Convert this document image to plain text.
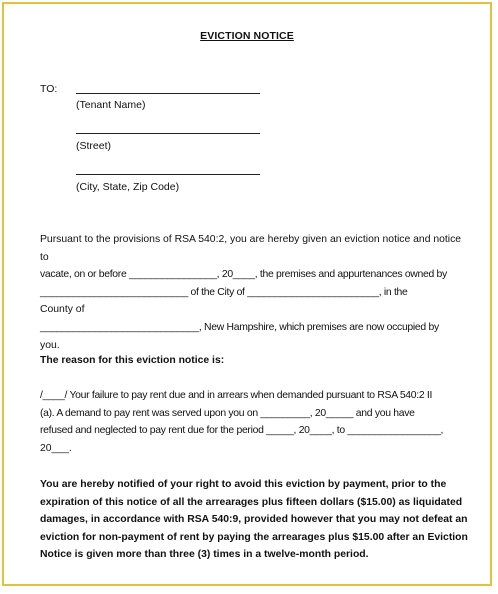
EVICTION NOTICE
TO:
(Tenant Name)
(Street)
(City, State, Zip Code)
Pursuant to the provisions of RSA 540:2, you are hereby given an eviction notice and notice to
vacate, on or before ________________, 20____, the premises and appurtenances owned by
___________________________ of the City of ________________________, in the
County of
_____________________________, New Hampshire, which premises are now occupied by
you.
The reason for this eviction notice is:
/____/ Your failure to pay rent due and in arrears when demanded pursuant to RSA 540:2 II
(a). A demand to pay rent was served upon you on _________, 20_____ and you have
refused and neglected to pay rent due for the period _____, 20____, to _________________,
20___.
You are hereby notified of your right to avoid this eviction by payment, prior to the
expiration of this notice of all the arrearages plus fifteen dollars ($15.00) as liquidated
damages, in accordance with RSA 540:9, provided however that you may not defeat an
eviction for non-payment of rent by paying the arrearages plus $15.00 after an Eviction
Notice is given more than three (3) times in a twelve-month period.
